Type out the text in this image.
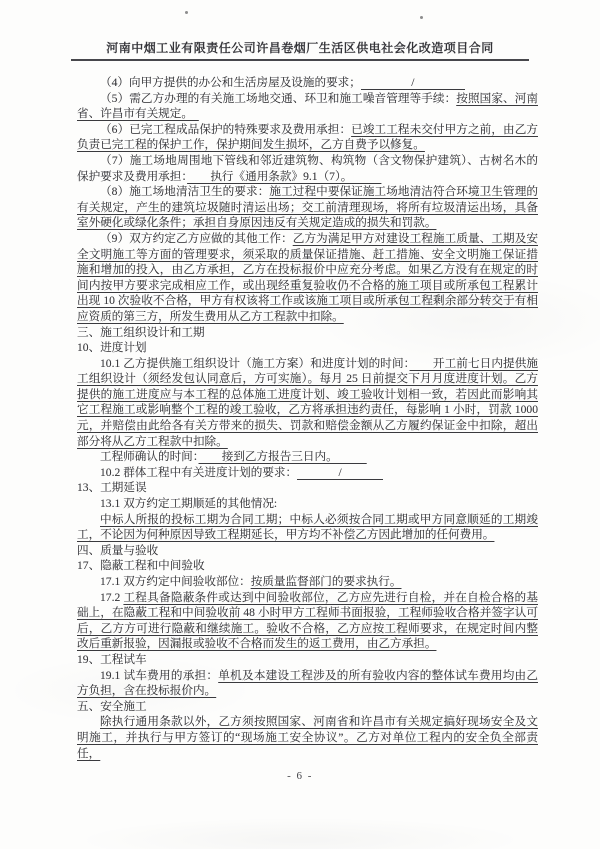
河南中烟工业有限责任公司许昌卷烟厂生活区供电社会化改造项目合同

（4）向甲方提供的办公和生活房屋及设施的要求；	/

（5）需乙方办理的有关施工场地交通、环卫和施工噪音管理等手续：按照国家、河南省、许昌市有关规定。　

（6）已完工程成品保护的特殊要求及费用承担：已竣工工程未交付甲方之前，由乙方负责已完工程的保护工作，保护期间发生损坏，乙方自费予以修复。

（7）施工场地周围地下管线和邻近建筑物、构筑物（含文物保护建筑）、古树名木的保护要求及费用承担：　　执行《通用条款》9.1（7）。　　　

（8）施工场地清洁卫生的要求：施工过程中要保证施工场地清洁符合环境卫生管理的有关规定，产生的建筑垃圾随时清运出场；交工前清理现场，将所有垃圾清运出场，具备室外硬化或绿化条件；承担自身原因违反有关规定造成的损失和罚款。

（9）双方约定乙方应做的其他工作：乙方为满足甲方对建设工程施工质量、工期及安全文明施工等方面的管理要求，须采取的质量保证措施、赶工措施、安全文明施工保证措施和增加的投入，由乙方承担，乙方在投标报价中应充分考虑。如果乙方没有在规定的时间内按甲方要求完成相应工作，或出现经重复验收仍不合格的施工项目或所承包工程累计出现 10 次验收不合格，甲方有权该将工作或该施工项目或所承包工程剩余部分转交于有相应资质的第三方，所发生费用从乙方工程款中扣除。

三、施工组织设计和工期

10、进度计划

10.1 乙方提供施工组织设计（施工方案）和进度计划的时间：　　开工前七日内提供施工组织设计（须经发包认同意后，方可实施）。每月 25 日前提交下月月度进度计划。乙方提供的施工进度应与本工程的总体施工进度计划、竣工验收计划相一致，若因此而影响其它工程施工或影响整个工程的竣工验收，乙方将承担违约责任，每影响 1 小时，罚款 1000 元，并赔偿由此给各有关方带来的损失、罚款和赔偿金额从乙方履约保证金中扣除，超出部分将从乙方工程款中扣除。

工程师确认的时间：　　接到乙方报告三日内。　　　

10.2 群体工程中有关进度计划的要求：	/

13、工期延误

13.1 双方约定工期顺延的其他情况:

中标人所报的投标工期为合同工期；中标人必须按合同工期或甲方同意顺延的工期竣工，不论因为何种原因导致工程期延长，甲方均不补偿乙方因此增加的任何费用。

四、质量与验收

17、隐蔽工程和中间验收

17.1 双方约定中间验收部位：按质量监督部门的要求执行。

17.2 工程具备隐蔽条件或达到中间验收部位，乙方应先进行自检，并在自检合格的基础上，在隐蔽工程和中间验收前 48 小时甲方工程师书面报验，工程师验收合格并签字认可后，乙方方可进行隐蔽和继续施工。验收不合格，乙方应按工程师要求，在规定时间内整改后重新报验，因漏报或验收不合格而发生的返工费用，由乙方承担。

19、工程试车

19.1 试车费用的承担：单机及本建设工程涉及的所有验收内容的整体试车费用均由乙方负担，含在投标报价内。

五、安全施工

除执行通用条款以外，乙方须按照国家、河南省和许昌市有关规定搞好现场安全及文明施工，并执行与甲方签订的“现场施工安全协议”。乙方对单位工程内的安全负全部责任，

- 6 -
